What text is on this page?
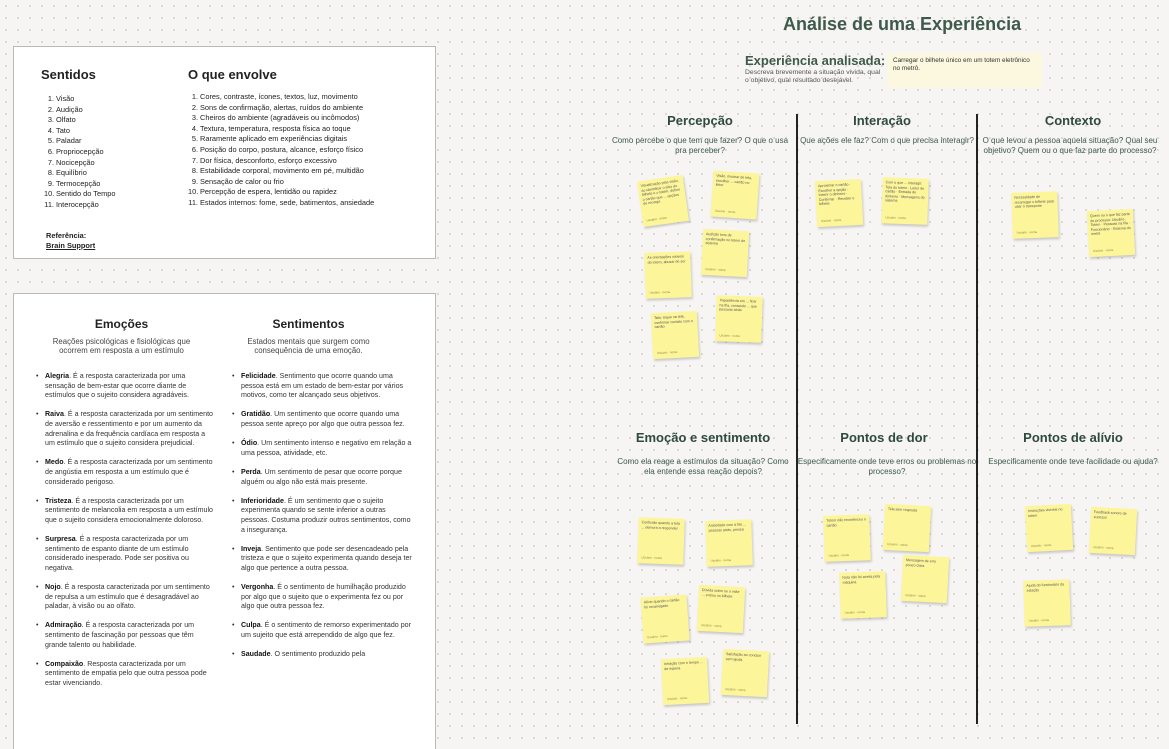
Sentidos	O que envolve
1. Visão
2. Audição
3. Olfato
4. Tato
5. Paladar
6. Propriocepção
7. Nocicepção
8. Equilíbrio
9. Termocepção
10. Sentido do Tempo
11. Interocepção
1. Cores, contraste, ícones, textos, luz, movimento
2. Sons de confirmação, alertas, ruídos do ambiente
3. Cheiros do ambiente (agradáveis ou incômodos)
4. Textura, temperatura, resposta física ao toque
5. Raramente aplicado em experiências digitais
6. Posição do corpo, postura, alcance, esforço físico
7. Dor física, desconforto, esforço excessivo
8. Estabilidade corporal, movimento em pé, multidão
9. Sensação de calor ou frio
10. Percepção de espera, lentidão ou rapidez
11. Estados internos: fome, sede, batimentos, ansiedade
Referência:
Brain Support
Emoções
Reações psicológicas e fisiológicas que ocorrem em resposta a um estímulo
Sentimentos
Estados mentais que surgem como consequência de uma emoção.
• Alegria. É a resposta caracterizada por uma sensação de bem-estar que ocorre diante de estímulos que o sujeito considera agradáveis.
• Raiva. É a resposta caracterizada por um sentimento de aversão e ressentimento e por um aumento da adrenalina e da frequência cardíaca em resposta a um estímulo que o sujeito considera prejudicial.
• Medo. É a resposta caracterizada por um sentimento de angústia em resposta a um estímulo que é considerado perigoso.
• Tristeza. É a resposta caracterizada por um sentimento de melancolia em resposta a um estímulo que o sujeito considera emocionalmente doloroso.
• Surpresa. É a resposta caracterizada por um sentimento de espanto diante de um estímulo considerado inesperado. Pode ser positiva ou negativa.
• Nojo. É a resposta caracterizada por um sentimento de repulsa a um estímulo que é desagradável ao paladar, à visão ou ao olfato.
• Admiração. É a resposta caracterizada por um sentimento de fascinação por pessoas que têm grande talento ou habilidade.
• Compaixão. Resposta caracterizada por um sentimento de empatia pelo que outra pessoa pode estar vivenciando.
• Felicidade. Sentimento que ocorre quando uma pessoa está em um estado de bem-estar por vários motivos, como ter alcançado seus objetivos.
• Gratidão. Um sentimento que ocorre quando uma pessoa sente apreço por algo que outra pessoa fez.
• Ódio. Um sentimento intenso e negativo em relação a uma pessoa, atividade, etc.
• Perda. Um sentimento de pesar que ocorre porque alguém ou algo não está mais presente.
• Inferioridade. É um sentimento que o sujeito experimenta quando se sente inferior a outras pessoas. Costuma produzir outros sentimentos, como a insegurança.
• Inveja. Sentimento que pode ser desencadeado pela tristeza e que o sujeito experimenta quando deseja ter algo que pertence a outra pessoa.
• Vergonha. É o sentimento de humilhação produzido por algo que o sujeito que o experimenta fez ou por algo que outra pessoa fez.
• Culpa. É o sentimento de remorso experimentado por um sujeito que está arrependido de algo que fez.
• Saudade. O sentimento produzido pela
Análise de uma Experiência
Experiência analisada:
Descreva brevemente a situação vivida, qual o objetivo, qual resultado desejável.
Carregar o bilhete único em um totem eletrônico no metrô.
Percepção
Como percebe o que tem que fazer? O que o usa pra perceber?
Interação
Que ações ele faz? Com o que precisa interagir?
Contexto
O que levou a pessoa aquela situação? Qual seu objetivo? Quem ou o que faz parte do processo?
Emoção e sentimento
Como ela reage a estímulos da situação? Como ela entende essa reação depois?
Pontos de dor
Especificamente onde teve erros ou problemas no processo?
Pontos de alívio
Especificamente onde teve facilidade ou ajuda?
Visualização pela visão, ao identificar o sítio do bilhete e o totem, definir o cartão que ... opções de recarga
Usuário · nome
Visão, mostrar de tela, escolher ... cartão no leitor
Usuário · nome
Audição tons de confirmação no totem do sistema
Usuário · nome
As orientações visíveis do totem, abusar de ser
Usuário · nome
Impaciência em ... ficar na fila, contando ... que pessoas atrás
Usuário · nome
Tato: toque na tela, confirmar contato com o cartão
Usuário · nome
Aproximar o cartão · Escolher a opção · Inserir o dinheiro · Confirmar · Receber o bilhete
Usuário · nome
Com o que ... interagir: Tela do totem · Leitor de cartão · Entrada de dinheiro · Mensagens do sistema
Usuário · nome
Necessidade de recarregar o bilhete para usar o transporte
Usuário · nome
Quem ou o que faz parte do processo: Usuário · Totem · Pessoas na fila · Funcionário · Sistema do metrô
Usuário · nome
Confusão quando a tela ... demora a responder
Usuário · nome
Ansiedade com a fila ... pessoas atrás, pressa
Usuário · nome
Alívio quando o cartão foi recarregado
Usuário · nome
Dúvida sobre se o valor ... entrou no bilhete
Usuário · nome
Irritação com o tempo ... de espera
Usuário · nome
Satisfação ao concluir sem ajuda
Usuário · nome
Totem não reconheceu o cartão
Usuário · nome
Tela sem resposta
Usuário · nome
Nota não foi aceita pela máquina
Usuário · nome
Mensagem de erro pouco clara
Usuário · nome
Instruções visíveis no totem
Usuário · nome
Feedback sonoro de sucesso
Usuário · nome
Ajuda do funcionário da estação
Usuário · nome
